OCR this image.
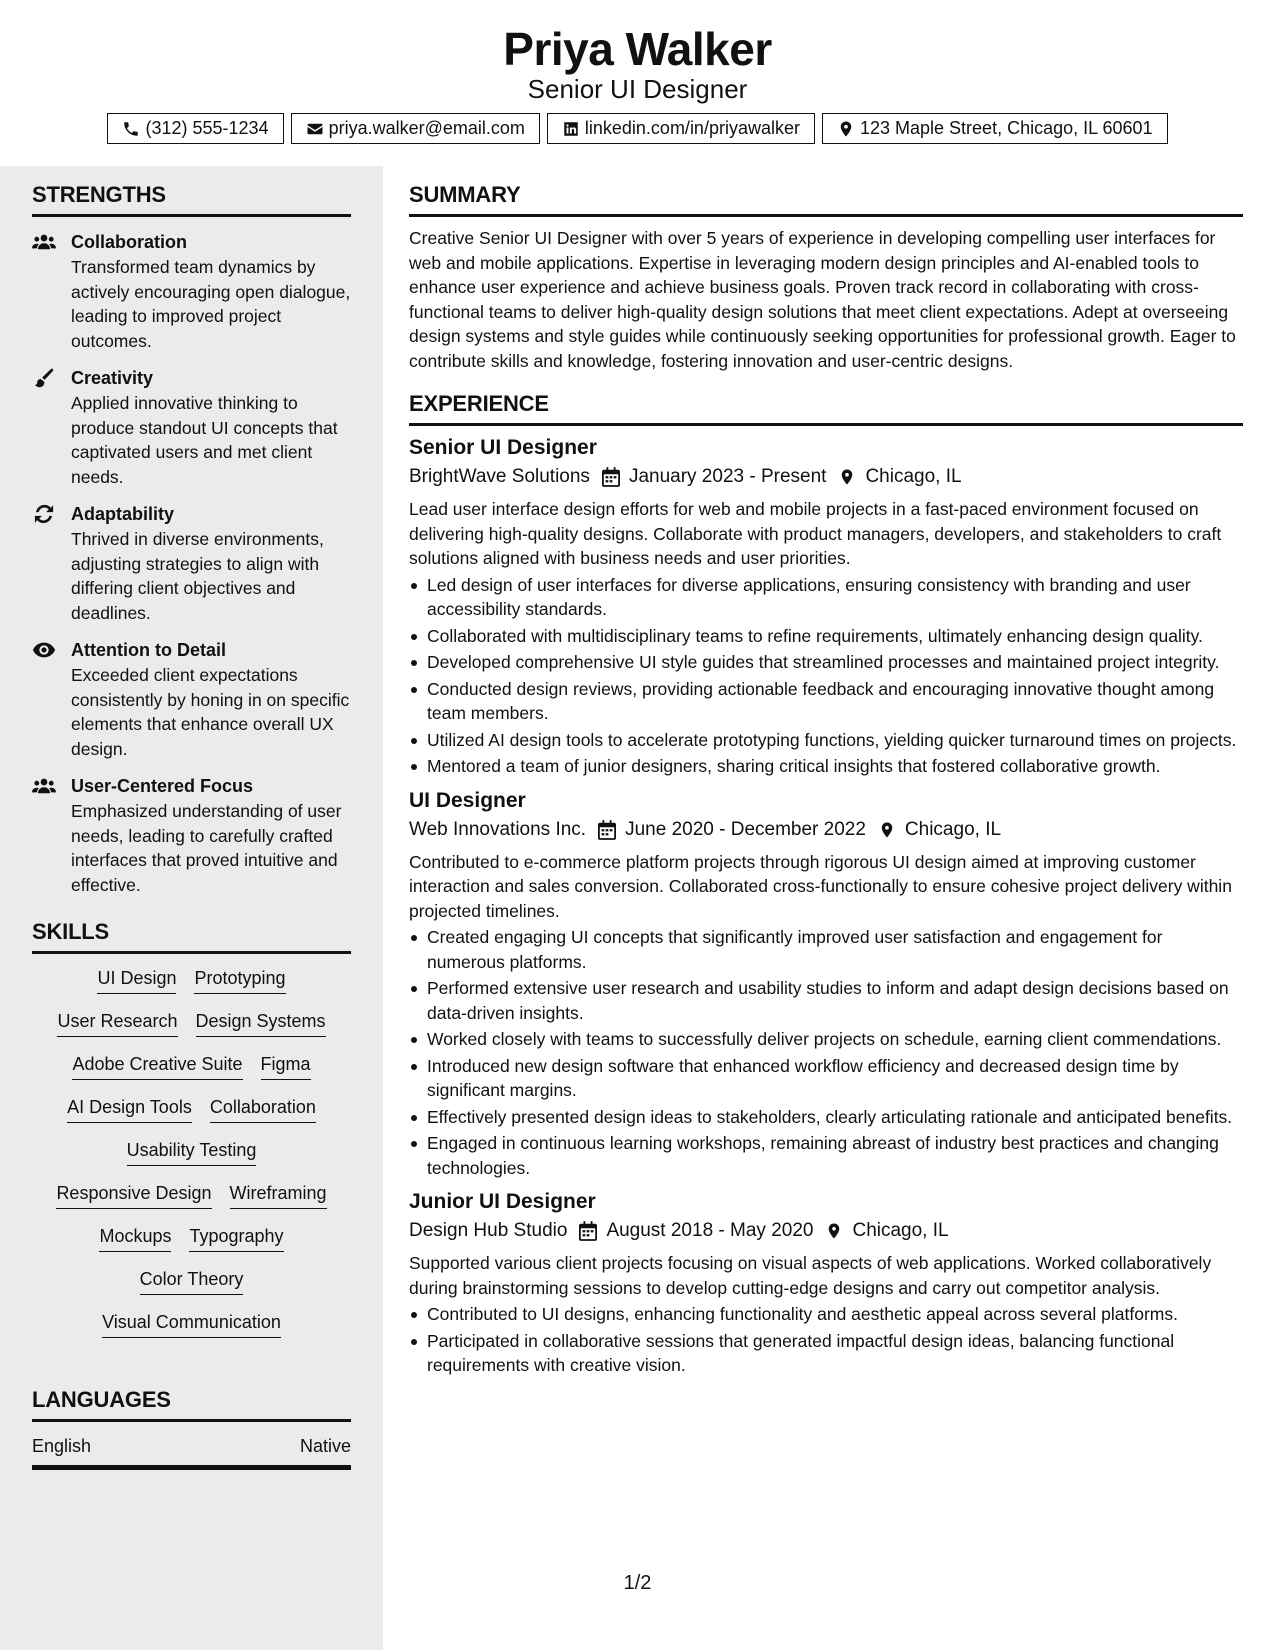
Priya Walker
Senior UI Designer
(312) 555-1234	priya.walker@email.com	linkedin.com/in/priyawalker	123 Maple Street, Chicago, IL 60601
STRENGTHS
Collaboration
Transformed team dynamics by actively encouraging open dialogue, leading to improved project outcomes.
Creativity
Applied innovative thinking to produce standout UI concepts that captivated users and met client needs.
Adaptability
Thrived in diverse environments, adjusting strategies to align with differing client objectives and deadlines.
Attention to Detail
Exceeded client expectations consistently by honing in on specific elements that enhance overall UX design.
User-Centered Focus
Emphasized understanding of user needs, leading to carefully crafted interfaces that proved intuitive and effective.
SKILLS
UI Design Prototyping
User Research Design Systems
Adobe Creative Suite Figma
AI Design Tools Collaboration
Usability Testing
Responsive Design Wireframing
Mockups Typography
Color Theory
Visual Communication
LANGUAGES
English	Native
SUMMARY
Creative Senior UI Designer with over 5 years of experience in developing compelling user interfaces for web and mobile applications. Expertise in leveraging modern design principles and AI-enabled tools to enhance user experience and achieve business goals. Proven track record in collaborating with cross-functional teams to deliver high-quality design solutions that meet client expectations. Adept at overseeing design systems and style guides while continuously seeking opportunities for professional growth. Eager to contribute skills and knowledge, fostering innovation and user-centric designs.
EXPERIENCE
Senior UI Designer
BrightWave Solutions January 2023 - Present Chicago, IL
Lead user interface design efforts for web and mobile projects in a fast-paced environment focused on delivering high-quality designs. Collaborate with product managers, developers, and stakeholders to craft solutions aligned with business needs and user priorities.
Led design of user interfaces for diverse applications, ensuring consistency with branding and user accessibility standards.
Collaborated with multidisciplinary teams to refine requirements, ultimately enhancing design quality.
Developed comprehensive UI style guides that streamlined processes and maintained project integrity.
Conducted design reviews, providing actionable feedback and encouraging innovative thought among team members.
Utilized AI design tools to accelerate prototyping functions, yielding quicker turnaround times on projects.
Mentored a team of junior designers, sharing critical insights that fostered collaborative growth.
UI Designer
Web Innovations Inc. June 2020 - December 2022 Chicago, IL
Contributed to e-commerce platform projects through rigorous UI design aimed at improving customer interaction and sales conversion. Collaborated cross-functionally to ensure cohesive project delivery within projected timelines.
Created engaging UI concepts that significantly improved user satisfaction and engagement for numerous platforms.
Performed extensive user research and usability studies to inform and adapt design decisions based on data-driven insights.
Worked closely with teams to successfully deliver projects on schedule, earning client commendations.
Introduced new design software that enhanced workflow efficiency and decreased design time by significant margins.
Effectively presented design ideas to stakeholders, clearly articulating rationale and anticipated benefits.
Engaged in continuous learning workshops, remaining abreast of industry best practices and changing technologies.
Junior UI Designer
Design Hub Studio August 2018 - May 2020 Chicago, IL
Supported various client projects focusing on visual aspects of web applications. Worked collaboratively during brainstorming sessions to develop cutting-edge designs and carry out competitor analysis.
Contributed to UI designs, enhancing functionality and aesthetic appeal across several platforms.
Participated in collaborative sessions that generated impactful design ideas, balancing functional requirements with creative vision.
1/2
